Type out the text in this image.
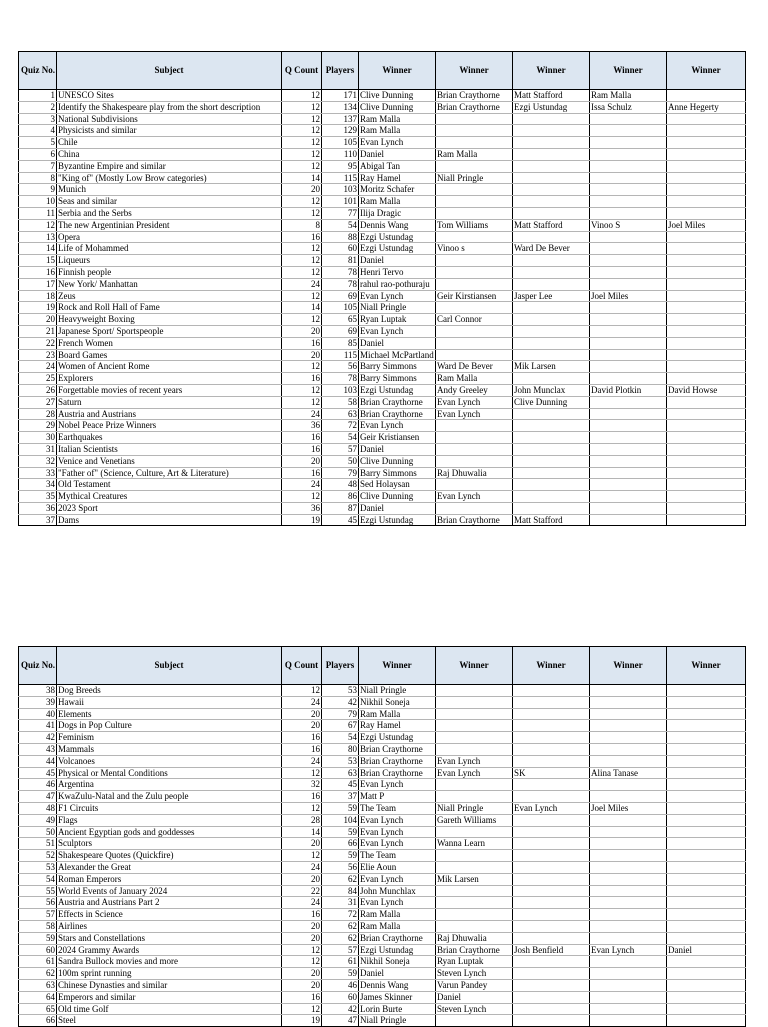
Quiz No.	Subject	Q Count	Players	Winner	Winner	Winner	Winner	Winner
1	UNESCO Sites	12	171	Clive Dunning	Brian Craythorne	Matt Stafford	Ram Malla	
2	Identify the Shakespeare play from the short description	12	134	Clive Dunning	Brian Craythorne	Ezgi Ustundag	Issa Schulz	Anne Hegerty
3	National Subdivisions	12	137	Ram Malla				
4	Physicists and similar	12	129	Ram Malla				
5	Chile	12	105	Evan Lynch				
6	China	12	110	Daniel	Ram Malla			
7	Byzantine Empire and similar	12	95	Abigal Tan				
8	"King of" (Mostly Low Brow categories)	14	115	Ray Hamel	Niall Pringle			
9	Munich	20	103	Moritz Schafer				
10	Seas and similar	12	101	Ram Malla				
11	Serbia and the Serbs	12	77	Ilija Dragic				
12	The new Argentinian President	8	54	Dennis Wang	Tom Williams	Matt Stafford	Vinoo S	Joel Miles
13	Opera	16	88	Ezgi Ustundag				
14	Life of Mohammed	12	60	Ezgi Ustundag	Vinoo s	Ward De Bever		
15	Liqueurs	12	81	Daniel				
16	Finnish people	12	78	Henri Tervo				
17	New York/ Manhattan	24	78	rahul rao-pothuraju				
18	Zeus	12	69	Evan Lynch	Geir Kirstiansen	Jasper Lee	Joel Miles	
19	Rock and Roll Hall of Fame	14	105	Niall Pringle				
20	Heavyweight Boxing	12	65	Ryan Luptak	Carl Connor			
21	Japanese Sport/ Sportspeople	20	69	Evan Lynch				
22	French Women	16	85	Daniel				
23	Board Games	20	115	Michael McPartland				
24	Women of Ancient Rome	12	56	Barry Simmons	Ward De Bever	Mik Larsen		
25	Explorers	16	78	Barry Simmons	Ram Malla			
26	Forgettable movies of recent years	12	103	Ezgi Ustundag	Andy Greeley	John Munclax	David Plotkin	David Howse
27	Saturn	12	58	Brian Craythorne	Evan Lynch	Clive Dunning		
28	Austria and Austrians	24	63	Brian Craythorne	Evan Lynch			
29	Nobel Peace Prize Winners	36	72	Evan Lynch				
30	Earthquakes	16	54	Geir Kristiansen				
31	Italian Scientists	16	57	Daniel				
32	Venice and Venetians	20	50	Clive Dunning				
33	"Father of" (Science, Culture, Art & Literature)	16	79	Barry Simmons	Raj Dhuwalia			
34	Old Testament	24	48	Sed Holaysan				
35	Mythical Creatures	12	86	Clive Dunning	Evan Lynch			
36	2023 Sport	36	87	Daniel				
37	Dams	19	45	Ezgi Ustundag	Brian Craythorne	Matt Stafford		
Quiz No.	Subject	Q Count	Players	Winner	Winner	Winner	Winner	Winner
38	Dog Breeds	12	53	Niall Pringle				
39	Hawaii	24	42	Nikhil Soneja				
40	Elements	20	79	Ram Malla				
41	Dogs in Pop Culture	20	67	Ray Hamel				
42	Feminism	16	54	Ezgi Ustundag				
43	Mammals	16	80	Brian Craythorne				
44	Volcanoes	24	53	Brian Craythorne	Evan Lynch			
45	Physical or Mental Conditions	12	63	Brian Craythorne	Evan Lynch	SK	Alina Tanase	
46	Argentina	32	45	Evan Lynch				
47	KwaZulu-Natal and the Zulu people	16	37	Matt P				
48	F1 Circuits	12	59	The Team	Niall Pringle	Evan Lynch	Joel Miles	
49	Flags	28	104	Evan Lynch	Gareth Williams			
50	Ancient Egyptian gods and goddesses	14	59	Evan Lynch				
51	Sculptors	20	66	Evan Lynch	Wanna Learn			
52	Shakespeare Quotes (Quickfire)	12	59	The Team				
53	Alexander the Great	24	56	Elie Aoun				
54	Roman Emperors	20	62	Evan Lynch	Mik Larsen			
55	World Events of January 2024	22	84	John Munchlax				
56	Austria and Austrians Part 2	24	31	Evan Lynch				
57	Effects in Science	16	72	Ram Malla				
58	Airlines	20	62	Ram Malla				
59	Stars and Constellations	20	62	Brian Craythorne	Raj Dhuwalia			
60	2024 Grammy Awards	12	57	Ezgi Ustundag	Brian Craythorne	Josh Benfield	Evan Lynch	Daniel
61	Sandra Bullock movies and more	12	61	Nikhil Soneja	Ryan Luptak			
62	100m sprint running	20	59	Daniel	Steven Lynch			
63	Chinese Dynasties and similar	20	46	Dennis Wang	Varun Pandey			
64	Emperors and similar	16	60	James Skinner	Daniel			
65	Old time Golf	12	42	Lorin Burte	Steven Lynch			
66	Steel	19	47	Niall Pringle				
